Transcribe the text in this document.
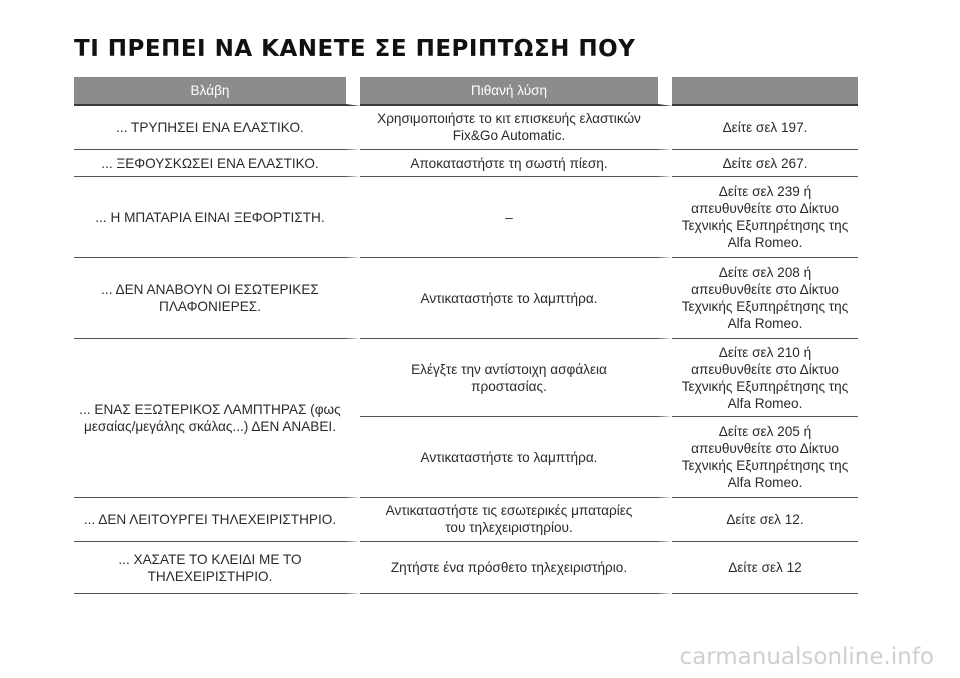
ΤΙ ΠΡΕΠΕΙ ΝΑ ΚΑΝΕΤΕ ΣΕ ΠΕΡΙΠΤΩΣΗ ΠΟΥ
Βλάβη	Πιθανή λύση	

... ΤΡΥΠΗΣΕΙ ΕΝΑ ΕΛΑΣΤΙΚΟ.	Χρησιμοποιήστε το κιτ επισκευής ελαστικών
Fix&Go Automatic.	Δείτε σελ 197.

... ΞΕΦΟΥΣΚΩΣΕΙ ΕΝΑ ΕΛΑΣΤΙΚΟ.	Αποκαταστήστε τη σωστή πίεση.	Δείτε σελ 267.

... Η ΜΠΑΤΑΡΙΑ ΕΙΝΑΙ ΞΕΦΟΡΤΙΣΤΗ.	–	Δείτε σελ 239 ή
απευθυνθείτε στο Δίκτυο
Τεχνικής Εξυπηρέτησης της
Alfa Romeo.

... ΔΕΝ ΑΝΑΒΟΥΝ ΟΙ ΕΣΩΤΕΡΙΚΕΣ
ΠΛΑΦΟΝΙΕΡΕΣ.	Αντικαταστήστε το λαμπτήρα.	Δείτε σελ 208 ή
απευθυνθείτε στο Δίκτυο
Τεχνικής Εξυπηρέτησης της
Alfa Romeo.

... ΕΝΑΣ ΕΞΩΤΕΡΙΚΟΣ ΛΑΜΠΤΗΡΑΣ (φως
μεσαίας/μεγάλης σκάλας...) ΔΕΝ ΑΝΑΒΕΙ.	Ελέγξτε την αντίστοιχη ασφάλεια
προστασίας.	Δείτε σελ 210 ή
απευθυνθείτε στο Δίκτυο
Τεχνικής Εξυπηρέτησης της
Alfa Romeo.

	Αντικαταστήστε το λαμπτήρα.	Δείτε σελ 205 ή
απευθυνθείτε στο Δίκτυο
Τεχνικής Εξυπηρέτησης της
Alfa Romeo.

... ΔΕΝ ΛΕΙΤΟΥΡΓΕΙ ΤΗΛΕΧΕΙΡΙΣΤΗΡΙΟ.	Αντικαταστήστε τις εσωτερικές μπαταρίες
του τηλεχειριστηρίου.	Δείτε σελ 12.

... ΧΑΣΑΤΕ ΤΟ ΚΛΕΙΔΙ ΜΕ ΤΟ
ΤΗΛΕΧΕΙΡΙΣΤΗΡΙΟ.	Ζητήστε ένα πρόσθετο τηλεχειριστήριο.	Δείτε σελ 12
carmanualsonline.info
